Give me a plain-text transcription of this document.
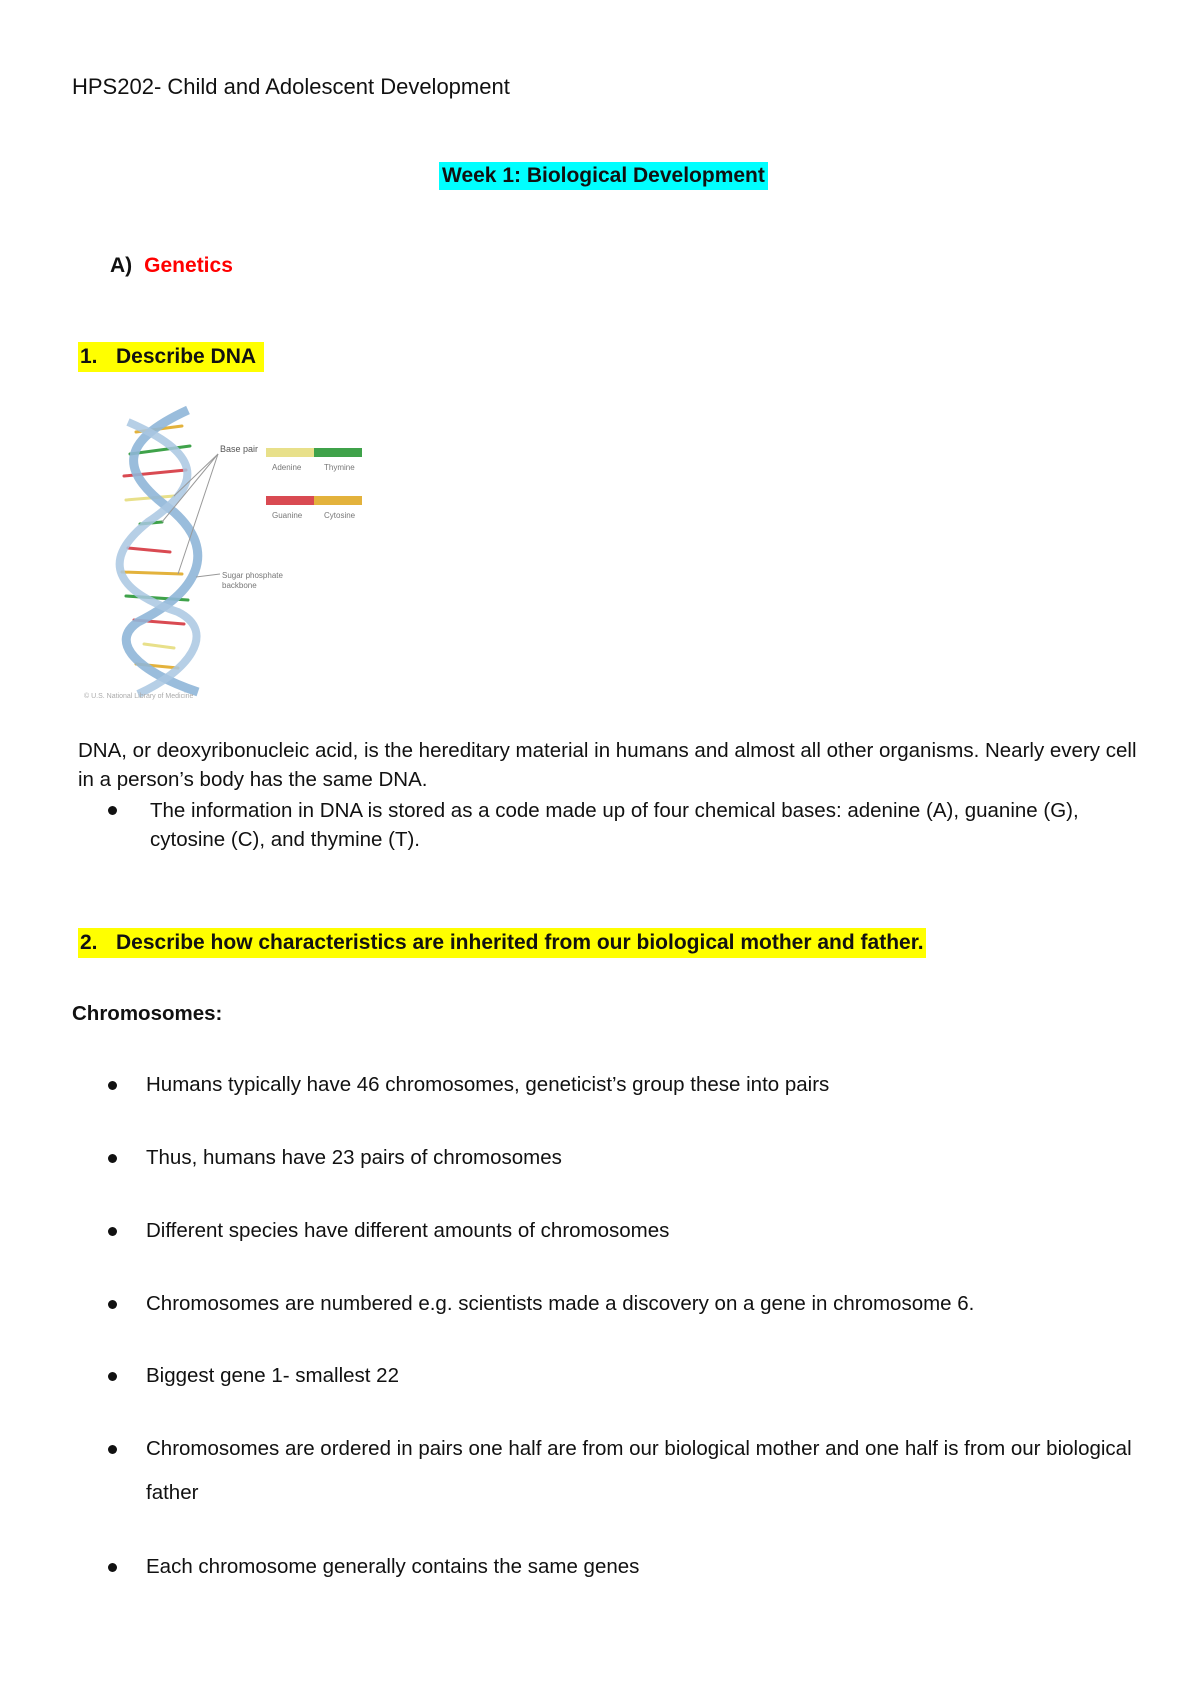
HPS202- Child and Adolescent Development
Week 1: Biological Development
A) Genetics
1. Describe DNA
Base pair
Adenine	Thymine
Guanine	Cytosine
Sugar phosphate
backbone
© U.S. National Library of Medicine
DNA, or deoxyribonucleic acid, is the hereditary material in humans and almost all other organisms. Nearly every cell in a person’s body has the same DNA.
The information in DNA is stored as a code made up of four chemical bases: adenine (A), guanine (G), cytosine (C), and thymine (T).
2. Describe how characteristics are inherited from our biological mother and father.
Chromosomes:
Humans typically have 46 chromosomes, geneticist’s group these into pairs
Thus, humans have 23 pairs of chromosomes
Different species have different amounts of chromosomes
Chromosomes are numbered e.g. scientists made a discovery on a gene in chromosome 6.
Biggest gene 1- smallest 22
Chromosomes are ordered in pairs one half are from our biological mother and one half is from our biological father
Each chromosome generally contains the same genes
